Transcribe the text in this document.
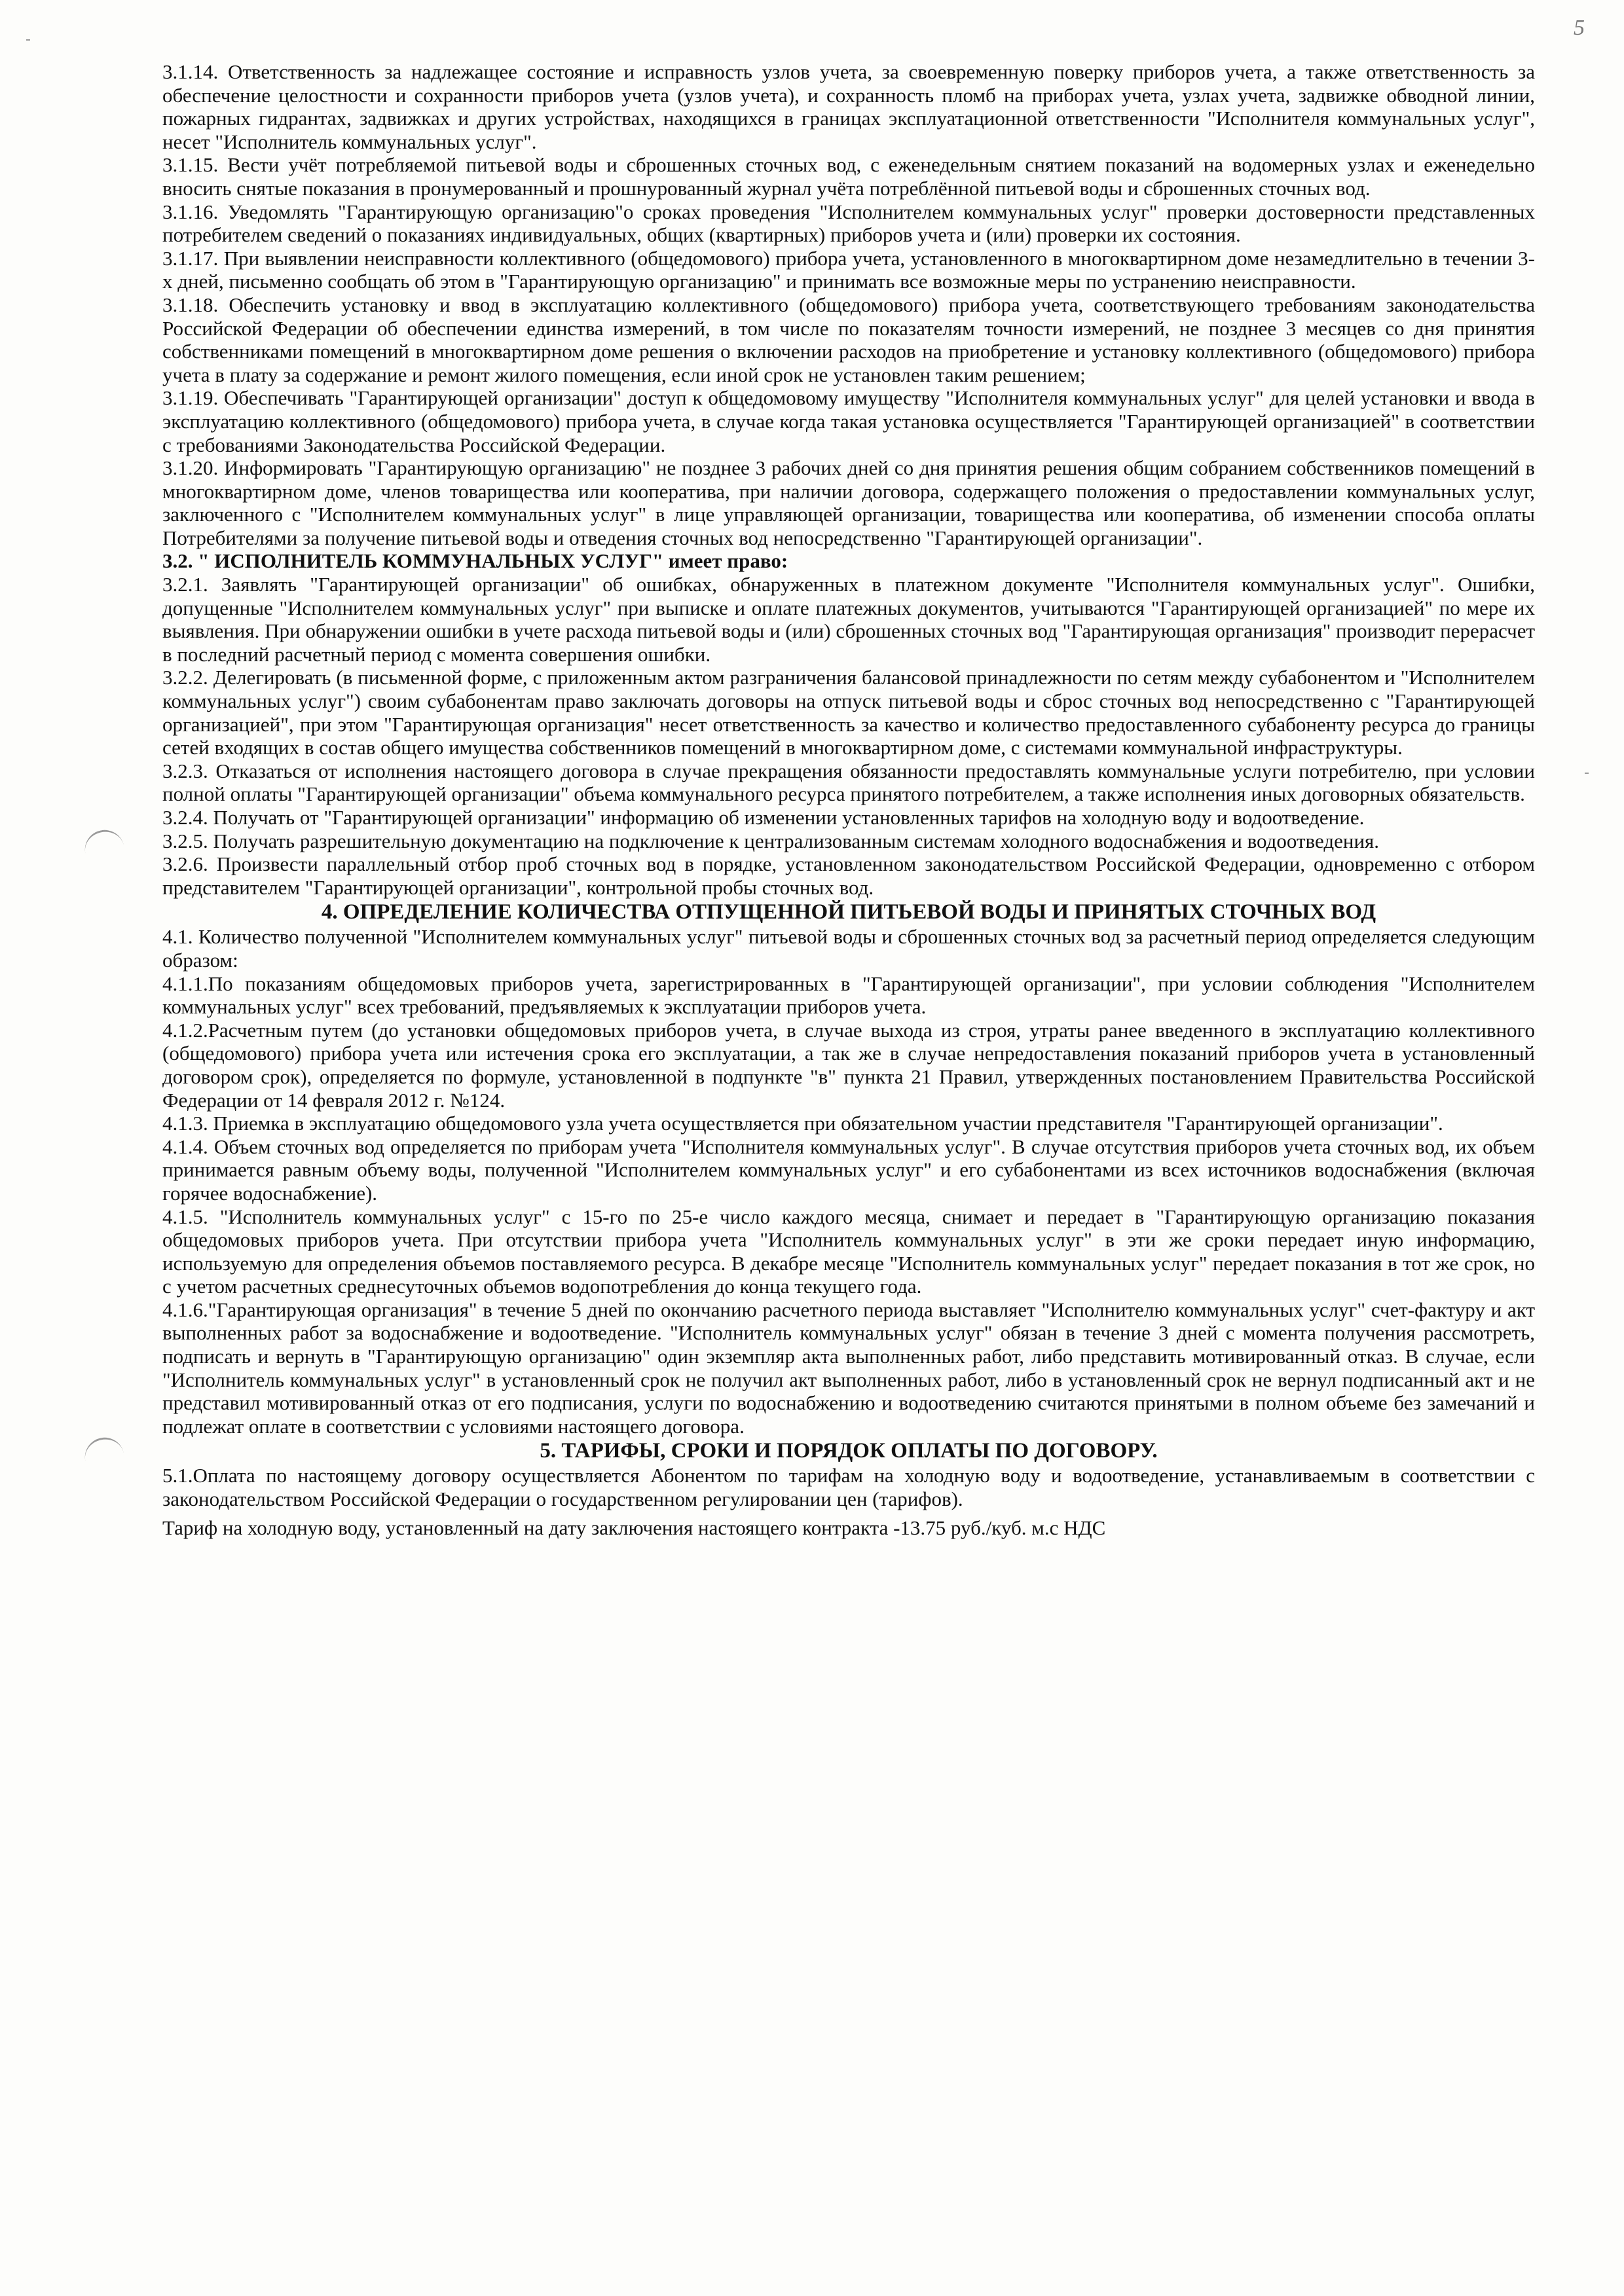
5

3.1.14. Ответственность за надлежащее состояние и исправность узлов учета, за своевременную поверку приборов учета, а также ответственность за обеспечение целостности и сохранности приборов учета (узлов учета), и сохранность пломб на приборах учета, узлах учета, задвижке обводной линии, пожарных гидрантах, задвижках и других устройствах, находящихся в границах эксплуатационной ответственности "Исполнителя коммунальных услуг", несет "Исполнитель коммунальных услуг".

3.1.15. Вести учёт потребляемой питьевой воды и сброшенных сточных вод, с еженедельным снятием показаний на водомерных узлах и еженедельно вносить снятые показания в пронумерованный и прошнурованный журнал учёта потреблённой питьевой воды и сброшенных сточных вод.

3.1.16. Уведомлять "Гарантирующую организацию"о сроках проведения "Исполнителем коммунальных услуг" проверки достоверности представленных потребителем сведений о показаниях индивидуальных, общих (квартирных) приборов учета и (или) проверки их состояния.

3.1.17. При выявлении неисправности коллективного (общедомового) прибора учета, установленного в многоквартирном доме незамедлительно в течении 3-х дней, письменно сообщать об этом в "Гарантирующую организацию" и принимать все возможные меры по устранению неисправности.

3.1.18. Обеспечить установку и ввод в эксплуатацию коллективного (общедомового) прибора учета, соответствующего требованиям законодательства Российской Федерации об обеспечении единства измерений, в том числе по показателям точности измерений, не позднее 3 месяцев со дня принятия собственниками помещений в многоквартирном доме решения о включении расходов на приобретение и установку коллективного (общедомового) прибора учета в плату за содержание и ремонт жилого помещения, если иной срок не установлен таким решением;

3.1.19. Обеспечивать "Гарантирующей организации" доступ к общедомовому имуществу "Исполнителя коммунальных услуг" для целей установки и ввода в эксплуатацию коллективного (общедомового) прибора учета, в случае когда такая установка осуществляется "Гарантирующей организацией" в соответствии с требованиями Законодательства Российской Федерации.

3.1.20. Информировать "Гарантирующую организацию" не позднее 3 рабочих дней со дня принятия решения общим собранием собственников помещений в многоквартирном доме, членов товарищества или кооператива, при наличии договора, содержащего положения о предоставлении коммунальных услуг, заключенного с "Исполнителем коммунальных услуг" в лице управляющей организации, товарищества или кооператива, об изменении способа оплаты Потребителями за получение питьевой воды и отведения сточных вод непосредственно "Гарантирующей организации".

3.2. " ИСПОЛНИТЕЛЬ КОММУНАЛЬНЫХ УСЛУГ" имеет право:

3.2.1. Заявлять "Гарантирующей организации" об ошибках, обнаруженных в платежном документе "Исполнителя коммунальных услуг". Ошибки, допущенные "Исполнителем коммунальных услуг" при выписке и оплате платежных документов, учитываются "Гарантирующей организацией" по мере их выявления. При обнаружении ошибки в учете расхода питьевой воды и (или) сброшенных сточных вод "Гарантирующая организация" производит перерасчет в последний расчетный период с момента совершения ошибки.

3.2.2. Делегировать (в письменной форме, с приложенным актом разграничения балансовой принадлежности по сетям между субабонентом и "Исполнителем коммунальных услуг") своим субабонентам право заключать договоры на отпуск питьевой воды и сброс сточных вод непосредственно с "Гарантирующей организацией", при этом "Гарантирующая организация" несет ответственность за качество и количество предоставленного субабоненту ресурса до границы сетей входящих в состав общего имущества собственников помещений в многоквартирном доме, с системами коммунальной инфраструктуры.

3.2.3. Отказаться от исполнения настоящего договора в случае прекращения обязанности предоставлять коммунальные услуги потребителю, при условии полной оплаты "Гарантирующей организации" объема коммунального ресурса принятого потребителем, а также исполнения иных договорных обязательств.

3.2.4. Получать от "Гарантирующей организации" информацию об изменении установленных тарифов на холодную воду и водоотведение.

3.2.5. Получать разрешительную документацию на подключение к централизованным системам холодного водоснабжения и водоотведения.

3.2.6. Произвести параллельный отбор проб сточных вод в порядке, установленном законодательством Российской Федерации, одновременно с отбором представителем "Гарантирующей организации", контрольной пробы сточных вод.

4. ОПРЕДЕЛЕНИЕ КОЛИЧЕСТВА ОТПУЩЕННОЙ ПИТЬЕВОЙ ВОДЫ И ПРИНЯТЫХ СТОЧНЫХ ВОД

4.1. Количество полученной "Исполнителем коммунальных услуг" питьевой воды и сброшенных сточных вод за расчетный период определяется следующим образом:

4.1.1.По показаниям общедомовых приборов учета, зарегистрированных в "Гарантирующей организации", при условии соблюдения "Исполнителем коммунальных услуг" всех требований, предъявляемых к эксплуатации приборов учета.

4.1.2.Расчетным путем (до установки общедомовых приборов учета, в случае выхода из строя, утраты ранее введенного в эксплуатацию коллективного (общедомового) прибора учета или истечения срока его эксплуатации, а так же в случае непредоставления показаний приборов учета в установленный договором срок), определяется по формуле, установленной в подпункте "в" пункта 21 Правил, утвержденных постановлением Правительства Российской Федерации от 14 февраля 2012 г. №124.

4.1.3. Приемка в эксплуатацию общедомового узла учета осуществляется при обязательном участии представителя "Гарантирующей организации".

4.1.4. Объем сточных вод определяется по приборам учета "Исполнителя коммунальных услуг". В случае отсутствия приборов учета сточных вод, их объем принимается равным объему воды, полученной "Исполнителем коммунальных услуг" и его субабонентами из всех источников водоснабжения (включая горячее водоснабжение).

4.1.5. "Исполнитель коммунальных услуг" с 15-го по 25-е число каждого месяца, снимает и передает в "Гарантирующую организацию показания общедомовых приборов учета. При отсутствии прибора учета "Исполнитель коммунальных услуг" в эти же сроки передает иную информацию, используемую для определения объемов поставляемого ресурса. В декабре месяце "Исполнитель коммунальных услуг" передает показания в тот же срок, но с учетом расчетных среднесуточных объемов водопотребления до конца текущего года.

4.1.6."Гарантирующая организация" в течение 5 дней по окончанию расчетного периода выставляет "Исполнителю коммунальных услуг" счет-фактуру и акт выполненных работ за водоснабжение и водоотведение. "Исполнитель коммунальных услуг" обязан в течение 3 дней с момента получения рассмотреть, подписать и вернуть в "Гарантирующую организацию" один экземпляр акта выполненных работ, либо представить мотивированный отказ. В случае, если "Исполнитель коммунальных услуг" в установленный срок не получил акт выполненных работ, либо в установленный срок не вернул подписанный акт и не представил мотивированный отказ от его подписания, услуги по водоснабжению и водоотведению считаются принятыми в полном объеме без замечаний и подлежат оплате в соответствии с условиями настоящего договора.

5. ТАРИФЫ, СРОКИ И ПОРЯДОК ОПЛАТЫ ПО ДОГОВОРУ.

5.1.Оплата по настоящему договору осуществляется Абонентом по тарифам на холодную воду и водоотведение, устанавливаемым в соответствии с законодательством Российской Федерации о государственном регулировании цен (тарифов).

Тариф на холодную воду, установленный на дату заключения настоящего контракта -13.75 руб./куб. м.с НДС
